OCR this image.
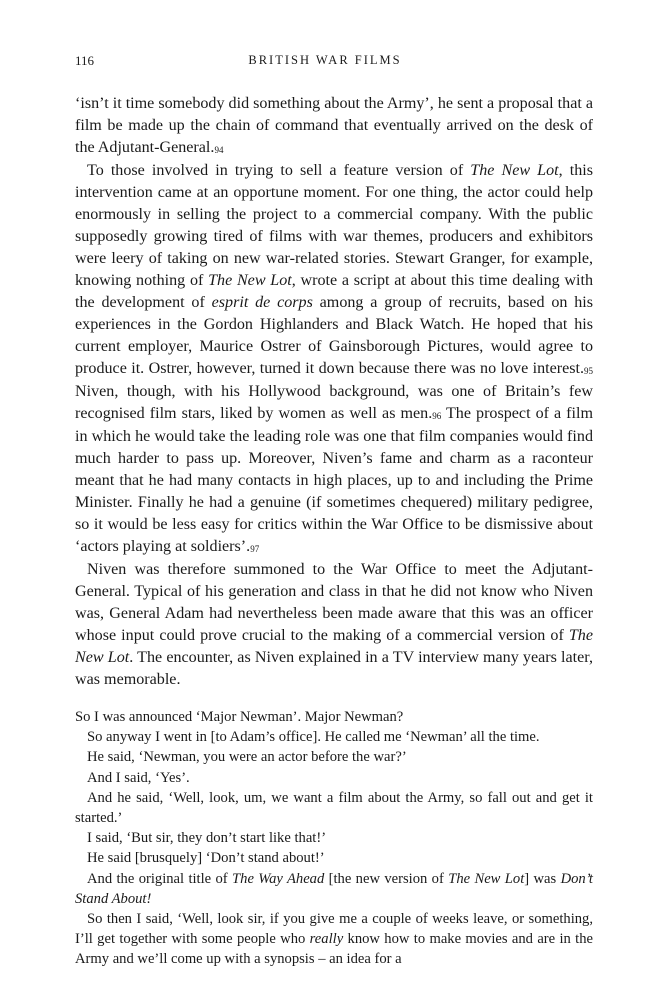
116	BRITISH WAR FILMS

‘isn’t it time somebody did something about the Army’, he sent a proposal that a film be made up the chain of command that eventually arrived on the desk of the Adjutant-General.$^{94}$

To those involved in trying to sell a feature version of The New Lot, this intervention came at an opportune moment. For one thing, the actor could help enormously in selling the project to a commercial company. With the public supposedly growing tired of films with war themes, producers and exhibitors were leery of taking on new war-related stories. Stewart Granger, for example, knowing nothing of The New Lot, wrote a script at about this time dealing with the development of esprit de corps among a group of recruits, based on his experiences in the Gordon Highlanders and Black Watch. He hoped that his current employer, Maurice Ostrer of Gainsborough Pictures, would agree to produce it. Ostrer, however, turned it down because there was no love interest.$^{95}$ Niven, though, with his Hollywood background, was one of Britain’s few recognised film stars, liked by women as well as men.$^{96}$ The prospect of a film in which he would take the leading role was one that film companies would find much harder to pass up. Moreover, Niven’s fame and charm as a raconteur meant that he had many contacts in high places, up to and including the Prime Minister. Finally he had a genuine (if sometimes chequered) military pedigree, so it would be less easy for critics within the War Office to be dismissive about ‘actors playing at soldiers’.$^{97}$

Niven was therefore summoned to the War Office to meet the Adjutant-General. Typical of his generation and class in that he did not know who Niven was, General Adam had nevertheless been made aware that this was an officer whose input could prove crucial to the making of a commercial version of The New Lot. The encounter, as Niven explained in a TV interview many years later, was memorable.

So I was announced ‘Major Newman’. Major Newman?

So anyway I went in [to Adam’s office]. He called me ‘Newman’ all the time.

He said, ‘Newman, you were an actor before the war?’

And I said, ‘Yes’.

And he said, ‘Well, look, um, we want a film about the Army, so fall out and get it started.’

I said, ‘But sir, they don’t start like that!’

He said [brusquely] ‘Don’t stand about!’

And the original title of The Way Ahead [the new version of The New Lot] was Don’t Stand About!

So then I said, ‘Well, look sir, if you give me a couple of weeks leave, or something, I’ll get together with some people who really know how to make movies and are in the Army and we’ll come up with a synopsis – an idea for a
